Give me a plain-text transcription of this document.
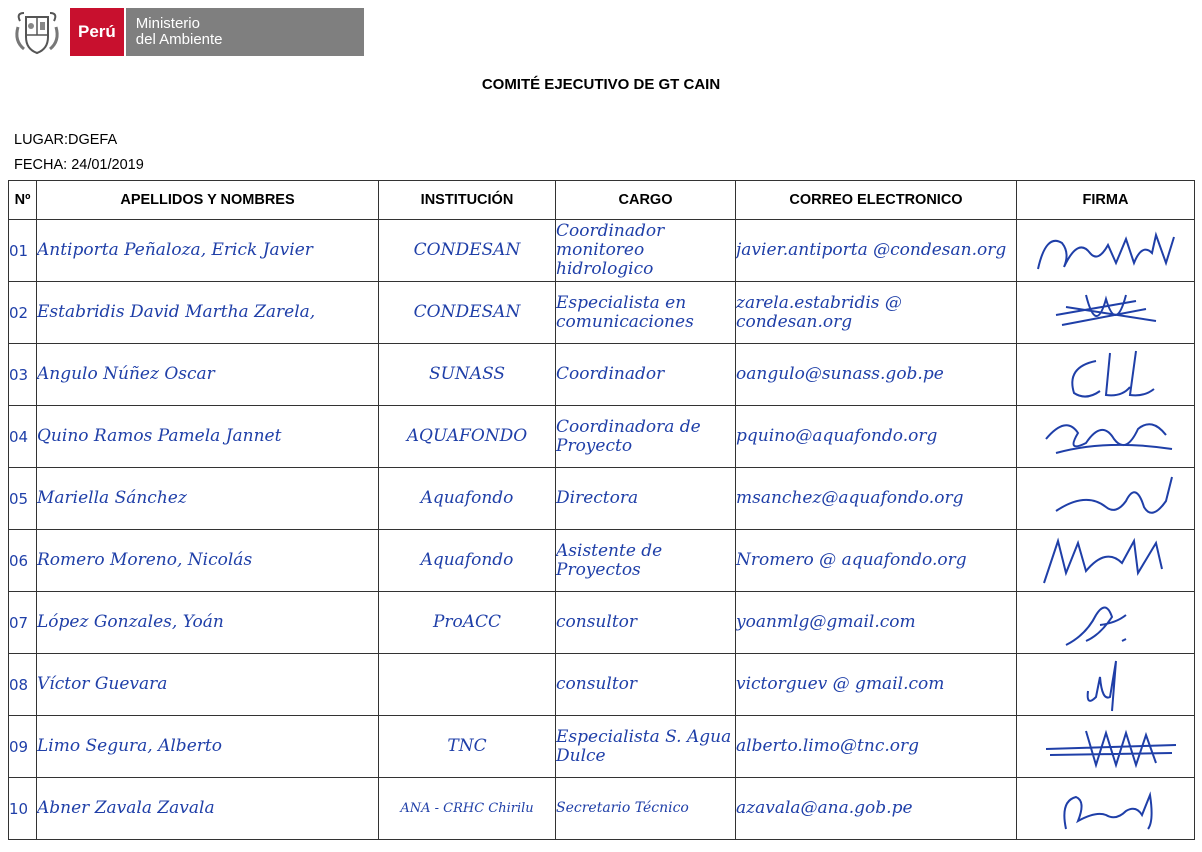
Perú Ministerio
del Ambiente
COMITÉ EJECUTIVO DE GT CAIN
LUGAR:DGEFA
FECHA: 24/01/2019
Nº	APELLIDOS Y NOMBRES	INSTITUCIÓN	CARGO	CORREO ELECTRONICO	FIRMA
01	Antiporta Peñaloza, Erick Javier	CONDESAN	Coordinador monitoreo hidrologico	javier.antiporta @condesan.org	

02	Estabridis David Martha Zarela,	CONDESAN	Especialista en comunicaciones	zarela.estabridis @ condesan.org	

03	Angulo Núñez Oscar	SUNASS	Coordinador	oangulo@sunass.gob.pe	

04	Quino Ramos Pamela Jannet	AQUAFONDO	Coordinadora de Proyecto	pquino@aquafondo.org	

05	Mariella Sánchez	Aquafondo	Directora	msanchez@aquafondo.org	

06	Romero Moreno, Nicolás	Aquafondo	Asistente de Proyectos	Nromero @ aquafondo.org	

07	López Gonzales, Yoán	ProACC	consultor	yoanmlg@gmail.com	

08	Víctor Guevara		consultor	victorguev @ gmail.com	

09	Limo Segura, Alberto	TNC	Especialista S. Agua Dulce	alberto.limo@tnc.org	

10	Abner Zavala Zavala	ANA - CRHC Chirilu	Secretario Técnico	azavala@ana.gob.pe	
